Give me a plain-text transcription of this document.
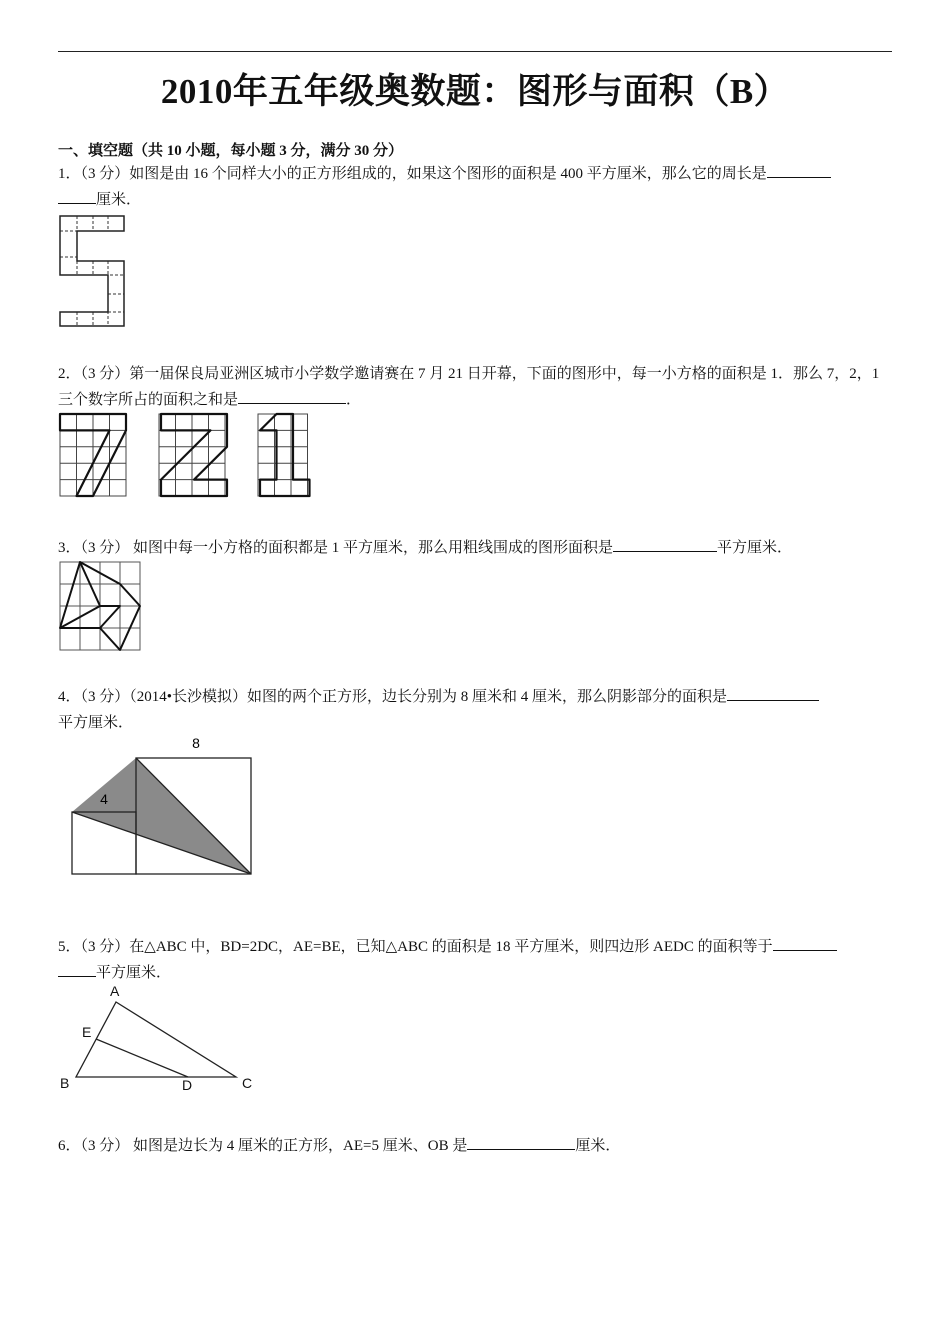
2010年五年级奥数题：图形与面积（B）
一、填空题（共 10 小题，每小题 3 分，满分 30 分）
1．（3 分）如图是由 16 个同样大小的正方形组成的，如果这个图形的面积是 400 平方厘米，那么它的周长是
厘米．
2．（3 分）第一届保良局亚洲区城市小学数学邀请赛在 7 月 21 日开幕，下面的图形中，每一小方格的面积是 1．那么 7，2，1 三个数字所占的面积之和是	．
3．（3 分） 如图中每一小方格的面积都是 1 平方厘米，那么用粗线围成的图形面积是	平方厘米．
4．（3 分）（2014•长沙模拟）如图的两个正方形，边长分别为 8 厘米和 4 厘米，那么阴影部分的面积是
平方厘米．
8
4
5．（3 分）在△ABC 中，BD=2DC，AE=BE，已知△ABC 的面积是 18 平方厘米，则四边形 AEDC 的面积等于
平方厘米．
A
E
B	D	C
6．（3 分） 如图是边长为 4 厘米的正方形，AE=5 厘米、OB 是	厘米．
